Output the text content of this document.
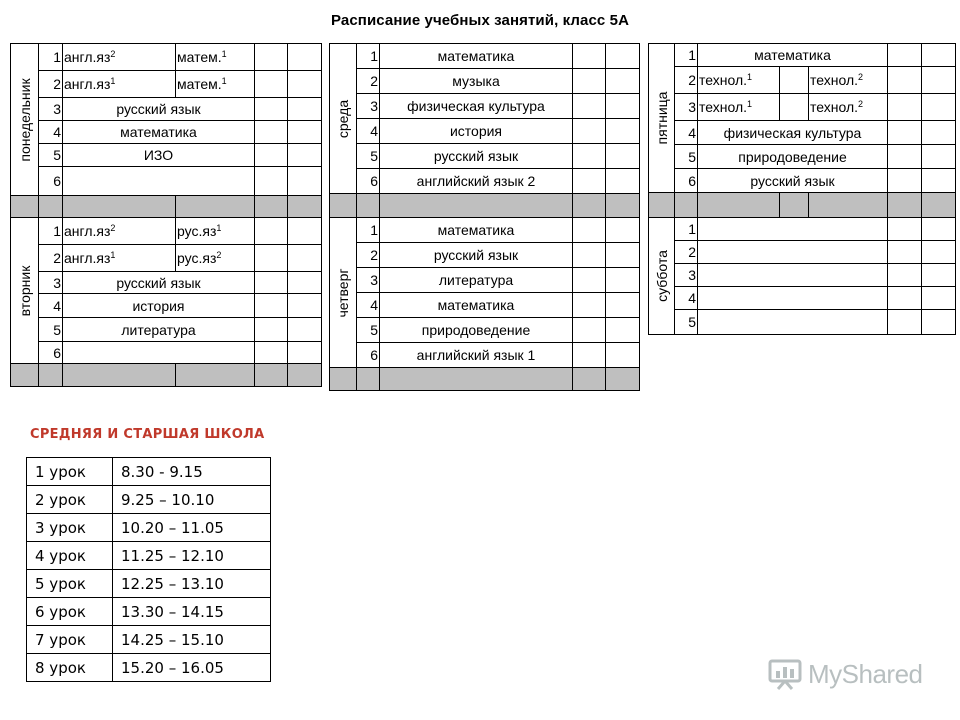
Расписание учебных занятий, класс 5А
понедельник	1	$англ.яз^2$	матем.$^1$		
	2	$англ.яз^1$	матем.$^1$		
	3	русский язык			
	4	математика			
	5	ИЗО			
	6				

вторник	1	$англ.яз^2$	$рус.яз^1$		
	2	$англ.яз^1$	$рус.яз^2$		
	3	русский язык			
	4	история			
	5	литература			
	6				

среда	1	математика		
	2	музыка		
	3	физическая культура		
	4	история		
	5	русский язык		
	6	английский язык 2		

четверг	1	математика		
	2	русский язык		
	3	литература		
	4	математика		
	5	природоведение		
	6	английский язык 1		

пятница	1	математика				
	2	технол.$^1$		технол.$^2$		
	3	технол.$^1$		технол.$^2$		
	4	физическая культура				
	5	природоведение				
	6	русский язык				

суббота	1					
	2					
	3					
	4					
	5					
СРЕДНЯЯ И СТАРШАЯ ШКОЛА
1 урок	8.30 - 9.15
2 урок	9.25 – 10.10
3 урок	10.20 – 11.05
4 урок	11.25 – 12.10
5 урок	12.25 – 13.10
6 урок	13.30 – 14.15
7 урок	14.25 – 15.10
8 урок	15.20 – 16.05	MyShared
